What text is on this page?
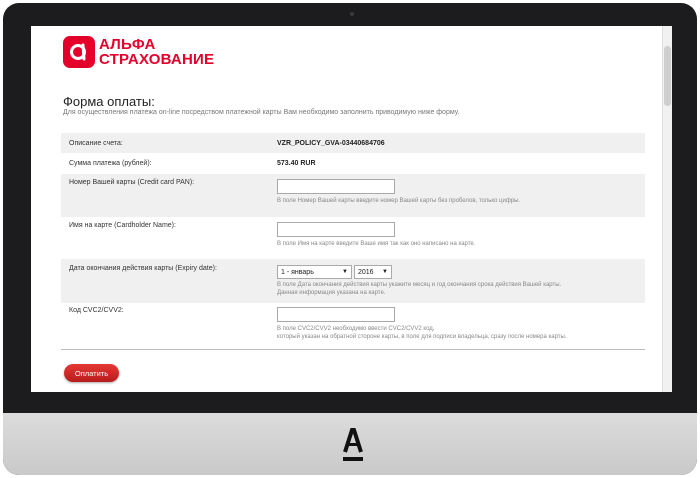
АЛЬФА
СТРАХОВАНИЕ
Форма оплаты:
Для осуществления платежа on-line посредством платежной карты Вам необходимо заполнить приводимую ниже форму.
Описание счета:	VZR_POLICY_GVA-03440684706
Сумма платежа (рублей):	573.40 RUR
Номер Вашей карты (Credit card PAN):
В поле Номер Вашей карты введите номер Вашей карты без пробелов, только цифры.
Имя на карте (Cardholder Name):
В поле Имя на карте введите Ваше имя так как оно написано на карте.
Дата окончания действия карты (Expiry date):	1 - январь	▼ 2016 ▼
В поле Дата окончания действия карты укажите месяц и год окончания срока действия Вашей карты.
Данная информация указана на карте.
Код CVC2/CVV2:
В поле CVC2/CVV2 необходимо ввести CVC2/CVV2 код,
который указан на обратной стороне карты, в поле для подписи владельца, сразу после номера карты.
Оплатить
